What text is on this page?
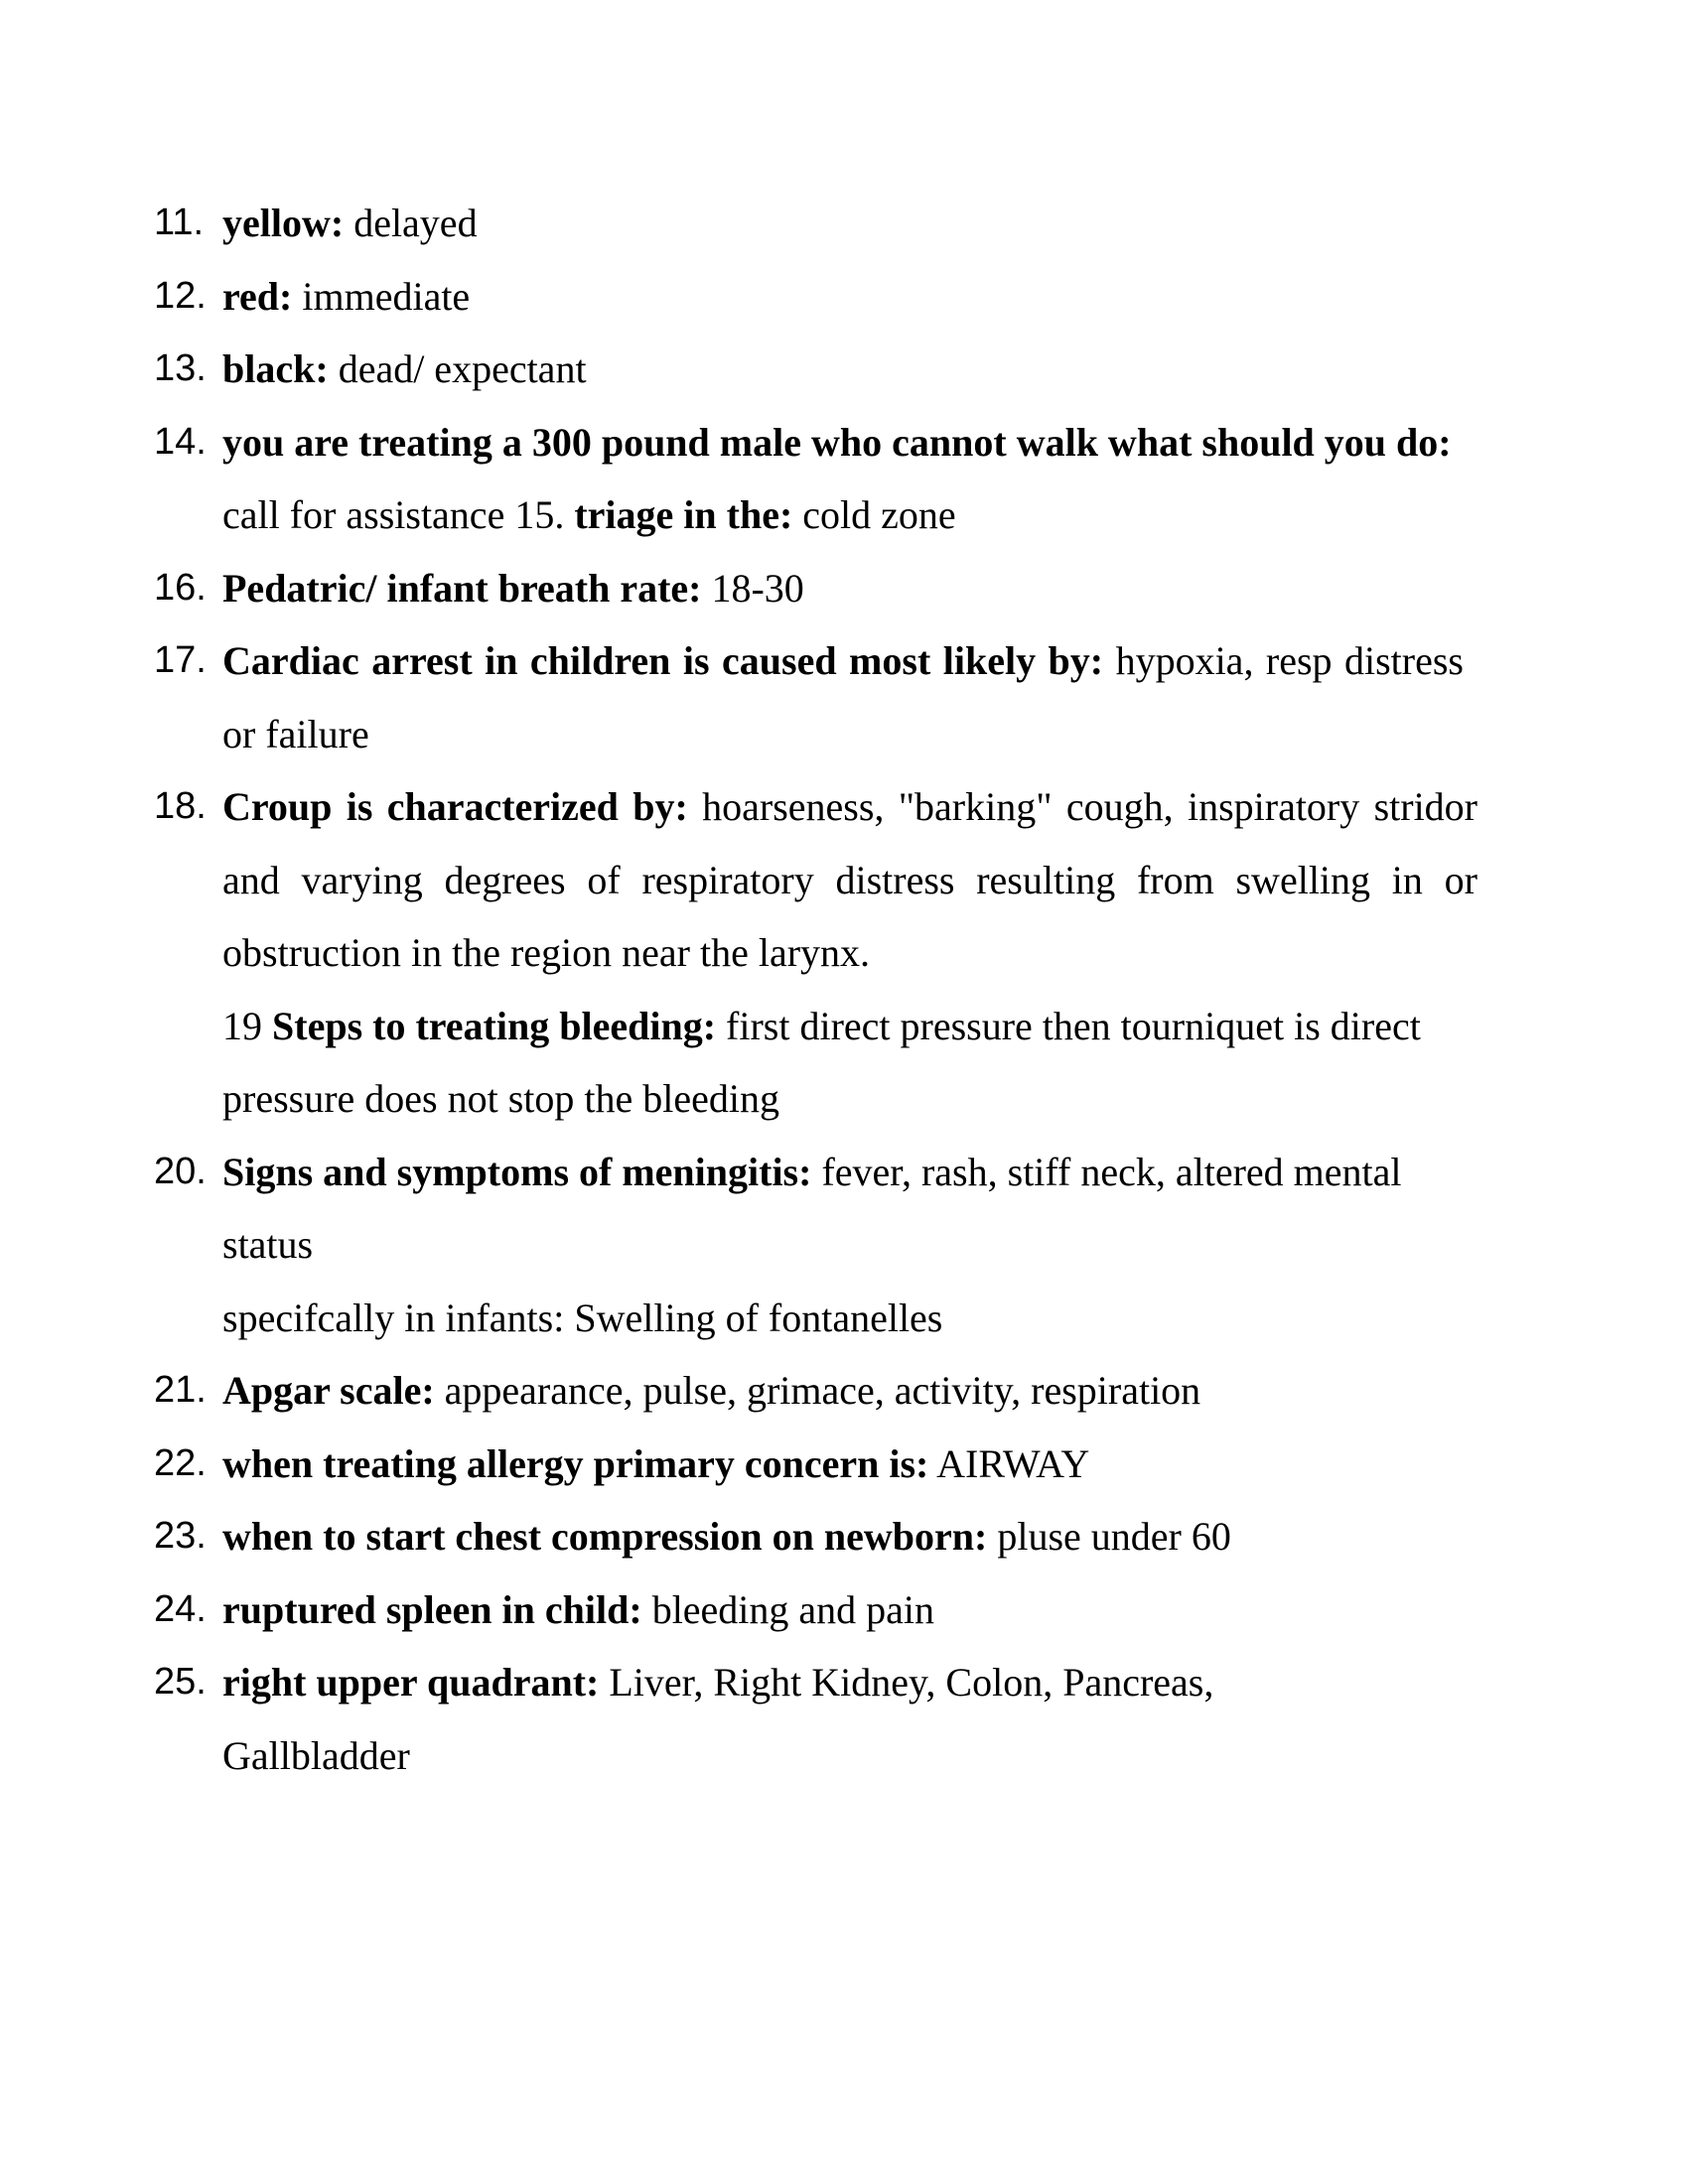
11. yellow: delayed
12. red: immediate
13. black: dead/ expectant
14. you are treating a 300 pound male who cannot walk what should you do: call for assistance 15. triage in the: cold zone
16. Pedatric/ infant breath rate: 18-30
17. Cardiac arrest in children is caused most likely by: hypoxia, resp distress or failure
18. Croup is characterized by: hoarseness, "barking" cough, inspiratory stridor and varying degrees of respiratory distress resulting from swelling in or obstruction in the region near the larynx.
19 Steps to treating bleeding: first direct pressure then tourniquet is direct pressure does not stop the bleeding
20. Signs and symptoms of meningitis: fever, rash, stiff neck, altered mental status
specifcally in infants: Swelling of fontanelles
21. Apgar scale: appearance, pulse, grimace, activity, respiration
22. when treating allergy primary concern is: AIRWAY
23. when to start chest compression on newborn: pluse under 60
24. ruptured spleen in child: bleeding and pain
25. right upper quadrant: Liver, Right Kidney, Colon, Pancreas, Gallbladder
